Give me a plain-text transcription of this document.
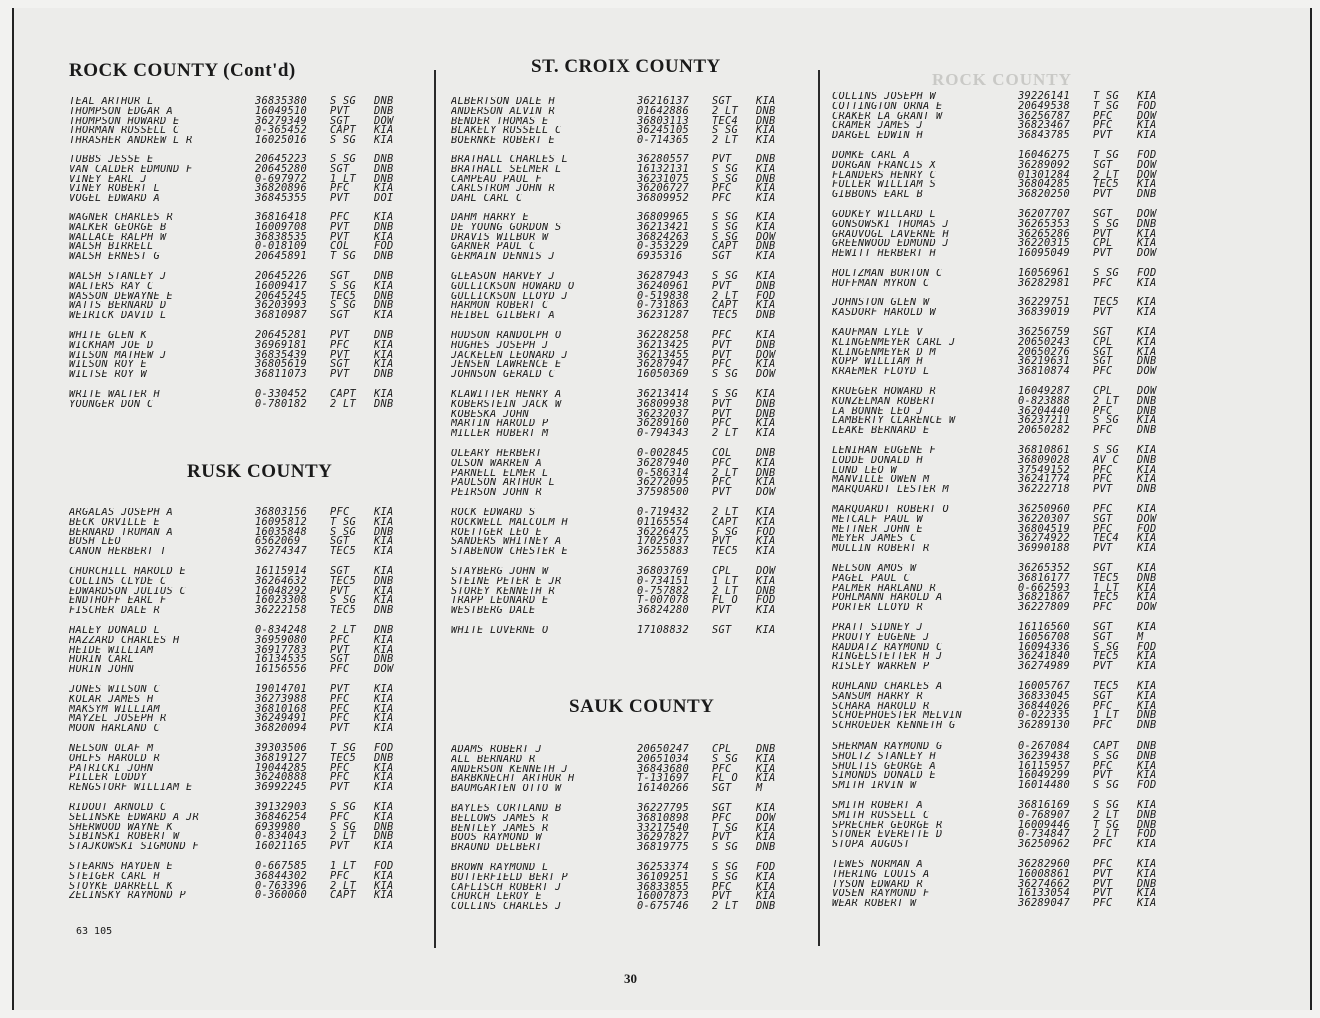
ROCK COUNTY
ROCK COUNTY (Cont'd)
TEAL ARTHUR L	36835380	S SG	DNB
THOMPSON EDGAR A	16049510	PVT	DNB
THOMPSON HOWARD E	36279349	SGT	DOW
THORMAN RUSSELL C	0-365452	CAPT	KIA
THRASHER ANDREW L R	16025016	S SG	KIA
TUBBS JESSE E	20645223	S SG	DNB
VAN CALDER EDMUND F	20645280	SGT	DNB
VINEY EARL J	0-697972	1 LT	DNB
VINEY ROBERT L	36820896	PFC	KIA
VOGEL EDWARD A	36845355	PVT	DOI
WAGNER CHARLES R	36816418	PFC	KIA
WALKER GEORGE B	16009708	PVT	DNB
WALLACE RALPH W	36838535	PVT	KIA
WALSH BIRRELL	0-018109	COL	FOD
WALSH ERNEST G	20645891	T SG	DNB
WALSH STANLEY J	20645226	SGT	DNB
WALTERS RAY C	16009417	S SG	KIA
WASSON DEWAYNE E	20645245	TEC5	DNB
WATTS BERNARD D	36203993	S SG	DNB
WEIRICK DAVID L	36810987	SGT	KIA
WHITE GLEN K	20645281	PVT	DNB
WICKHAM JOE D	36969181	PFC	KIA
WILSON MATHEW J	36835439	PVT	KIA
WILSON ROY E	36805619	SGT	KIA
WILTSE ROY W	36811073	PVT	DNB
WRITE WALTER H	0-330452	CAPT	KIA
YOUNGER DON C	0-780182	2 LT	DNB
RUSK COUNTY
ARGALAS JOSEPH A	36803156	PFC	KIA
BECK ORVILLE E	16095812	T SG	KIA
BERNARD TRUMAN A	16035848	S SG	DNB
BUSH LEO	6562069	SGT	KIA
CANON HERBERT T	36274347	TEC5	KIA
CHURCHILL HAROLD E	16115914	SGT	KIA
COLLINS CLYDE C	36264632	TEC5	DNB
EDWARDSON JULIUS C	16048292	PVT	KIA
ENDTHOFF EARL F	16023308	S SG	KIA
FISCHER DALE R	36222158	TEC5	DNB
HALEY DONALD L	0-834248	2 LT	DNB
HAZZARD CHARLES H	36959080	PFC	KIA
HEIDE WILLIAM	36917783	PVT	KIA
HURIN CARL	16134535	SGT	DNB
HURIN JOHN	16156556	PFC	DOW
JONES WILSON C	19014701	PVT	KIA
KOLAR JAMES H	36273988	PFC	KIA
MAKSYM WILLIAM	36810168	PFC	KIA
MAYZEL JOSEPH R	36249491	PFC	KIA
MOON HARLAND C	36820094	PVT	KIA
NELSON OLAF M	39303506	T SG	FOD
OHLFS HAROLD R	36819127	TEC5	DNB
PATRICKI JOHN	19044285	PFC	KIA
PILLER LODDY	36240888	PFC	KIA
RENGSTORF WILLIAM E	36992245	PVT	KIA
RIDOUT ARNOLD C	39132903	S SG	KIA
SELINSKE EDWARD A JR	36846254	PFC	KIA
SHERWOOD WAYNE K	6939980	S SG	DNB
SIBINSKI ROBERT W	0-834043	2 LT	DNB
STAJKOWSKI SIGMOND F	16021165	PVT	KIA
STEARNS HAYDEN E	0-667585	1 LT	FOD
STEIGER CARL H	36844302	PFC	KIA
STOYKE DARRELL K	0-763396	2 LT	KIA
ZELINSKY RAYMOND P	0-360060	CAPT	KIA
ST. CROIX COUNTY
ALBERTSON DALE H	36216137	SGT	KIA
ANDERSON ALVIN R	01642886	2 LT	DNB
BENDER THOMAS E	36803113	TEC4	DNB
BLAKELY RUSSELL C	36245105	S SG	KIA
BOERNKE ROBERT E	0-714365	2 LT	KIA
BRATHALL CHARLES L	36280557	PVT	DNB
BRATHALL SELMER L	16132131	S SG	KIA
CAMPEAU PAUL F	36231075	S SG	DNB
CARLSTROM JOHN R	36206727	PFC	KIA
DAHL CARL C	36809952	PFC	KIA
DAHM HARRY E	36809965	S SG	KIA
DE YOUNG GORDON S	36213421	S SG	KIA
DRAVIS WILBUR W	36824263	S SG	DOW
GARNER PAUL C	0-353229	CAPT	DNB
GERMAIN DENNIS J	6935316	SGT	KIA
GLEASON HARVEY J	36287943	S SG	KIA
GULLICKSON HOWARD O	36240961	PVT	DNB
GULLICKSON LLOYD J	0-519838	2 LT	FOD
HARMON ROBERT C	0-731863	CAPT	KIA
HEIBEL GILBERT A	36231287	TEC5	DNB
HUDSON RANDOLPH O	36228258	PFC	KIA
HUGHES JOSEPH J	36213425	PVT	DNB
JACKELEN LEONARD J	36213455	PVT	DOW
JENSEN LAWRENCE E	36287947	PFC	KIA
JOHNSON GERALD C	16050369	S SG	DOW
KLAWITTER HENRY A	36213414	S SG	KIA
KOBERSTEIN JACK W	36809938	PVT	DNB
KOBESKA JOHN	36232037	PVT	DNB
MARTIN HAROLD P	36289160	PFC	KIA
MILLER HUBERT M	0-794343	2 LT	KIA
OLEARY HERBERT	0-002845	COL	DNB
OLSON WARREN A	36287940	PFC	KIA
PARNELL ELMER L	0-586314	2 LT	DNB
PAULSON ARTHUR L	36272095	PFC	KIA
PEIRSON JOHN R	37598500	PVT	DOW
ROCK EDWARD S	0-719432	2 LT	KIA
ROCKWELL MALCOLM H	01165554	CAPT	KIA
ROETTGER LEO E	36226475	S SG	FOD
SANDERS WHITNEY A	17025037	PVT	KIA
STABENOW CHESTER E	36255883	TEC5	KIA
STAYBERG JOHN W	36803769	CPL	DOW
STEINE PETER E JR	0-734151	1 LT	KIA
STOREY KENNETH R	0-757882	2 LT	DNB
TRAPP LEONARD E	T-007078	FL O	FOD
WESTBERG DALE	36824280	PVT	KIA
WHITE LUVERNE O	17108832	SGT	KIA
SAUK COUNTY
ADAMS ROBERT J	20650247	CPL	DNB
ALL BERNARD R	20651034	S SG	KIA
ANDERSON KENNETH J	36843680	PFC	KIA
BARBKNECHT ARTHUR H	T-131697	FL O	KIA
BAUMGARTEN OTTO W	16140266	SGT	M
BAYLES CORTLAND B	36227795	SGT	KIA
BELLOWS JAMES R	36810898	PFC	DOW
BENTLEY JAMES R	33217540	T SG	KIA
BOOS RAYMOND W	36297827	PVT	KIA
BRAUND DELBERT	36819775	S SG	DNB
BROWN RAYMOND L	36253374	S SG	FOD
BUTTERFIELD BERT P	36109251	S SG	KIA
CAFLISCH ROBERT J	36833855	PFC	KIA
CHURCH LEROY E	16007873	PVT	KIA
COLLINS CHARLES J	0-675746	2 LT	DNB
COLLINS JOSEPH W	39226141	T SG	KIA
COTTINGTON ORNA E	20649538	T SG	FOD
CRAKER LA GRANT W	36256787	PFC	DOW
CRAMER JAMES J	36823467	PFC	KIA
DARGEL EDWIN H	36843785	PVT	KIA
DOMKE CARL A	16046275	T SG	FOD
DORGAN FRANCIS X	36289092	SGT	DOW
FLANDERS HENRY C	01301284	2 LT	DOW
FULLER WILLIAM S	36804285	TEC5	KIA
GIBBONS EARL B	36820250	PVT	DNB
GODKEY WILLARD L	36207707	SGT	DOW
GONSOWSKI THOMAS J	36265353	S SG	DNB
GRAUVOGL LAVERNE H	36265286	PVT	KIA
GREENWOOD EDMUND J	36220315	CPL	KIA
HEWITT HERBERT H	16095049	PVT	DOW
HOLTZMAN BURTON C	16056961	S SG	FOD
HUFFMAN MYRON C	36282981	PFC	KIA
JOHNSTON GLEN W	36229751	TEC5	KIA
KASDORF HAROLD W	36839019	PVT	KIA
KAUFMAN LYLE V	36256759	SGT	KIA
KLINGENMEYER CARL J	20650243	CPL	KIA
KLINGENMEYER D M	20650276	SGT	KIA
KOPP WILLIAM H	36219631	SGT	DNB
KRAEMER FLOYD L	36810874	PFC	DOW
KRUEGER HOWARD R	16049287	CPL	DOW
KUNZELMAN ROBERT	0-823888	2 LT	DNB
LA BONNE LEO J	36204440	PFC	DNB
LAMBERTY CLARENCE W	36237211	S SG	KIA
LEAKE BERNARD E	20650282	PFC	DNB
LENIHAN EUGENE F	36810861	S SG	KIA
LODDE DONALD H	36809028	AV C	DNB
LUND LEO W	37549152	PFC	KIA
MANVILLE OWEN M	36241774	PFC	KIA
MARQUARDT LESTER M	36222718	PVT	DNB
MARQUARDT ROBERT O	36250960	PFC	KIA
METCALF PAUL W	36220307	SGT	DOW
METTNER JOHN E	36804519	PFC	FOD
MEYER JAMES C	36274922	TEC4	KIA
MULLIN ROBERT R	36990188	PVT	KIA
NELSON AMOS W	36265352	SGT	KIA
PAGEL PAUL C	36816177	TEC5	DNB
PALMER HARLAND R	0-662593	1 LT	KIA
POHLMANN HAROLD A	36821867	TEC5	KIA
PORTER LLOYD R	36227809	PFC	DOW
PRATT SIDNEY J	16116560	SGT	KIA
PROUTY EUGENE J	16056708	SGT	M
RADDATZ RAYMOND C	16094336	S SG	FOD
RINGELSTETTER H J	36241840	TEC5	KIA
RISLEY WARREN P	36274989	PVT	KIA
RUHLAND CHARLES A	16005767	TEC5	KIA
SANSUM HARRY R	36833045	SGT	KIA
SCHARA HAROLD R	36844026	PFC	KIA
SCHOEPHOESTER MELVIN	0-022335	1 LT	DNB
SCHROEDER KENNETH G	36289130	PFC	DNB
SHERMAN RAYMOND G	0-267084	CAPT	DNB
SHOLTZ STANLEY H	36239438	S SG	DNB
SHULTIS GEORGE A	16115957	PFC	KIA
SIMONDS DONALD E	16049299	PVT	KIA
SMITH IRVIN W	16014480	S SG	FOD
SMITH ROBERT A	36816169	S SG	KIA
SMITH RUSSELL C	0-768907	2 LT	DNB
SPRECHER GEORGE R	16009446	T SG	DNB
STONER EVERETTE D	0-734847	2 LT	FOD
STOPA AUGUST	36250962	PFC	KIA
TEWES NORMAN A	36282960	PFC	KIA
THERING LOUIS A	16008861	PVT	KIA
TYSON EDWARD R	36274662	PVT	DNB
VOSEN RAYMOND F	16133054	PVT	KIA
WEAR ROBERT W	36289047	PFC	KIA
63 105
30
